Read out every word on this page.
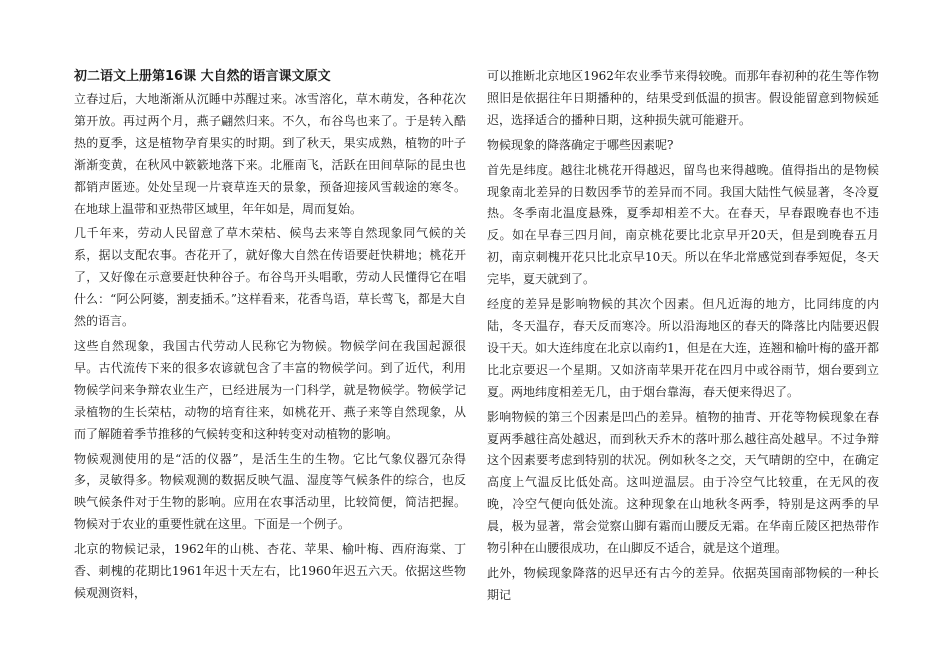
初二语文上册第16课 大自然的语言课文原文

立春过后，大地渐渐从沉睡中苏醒过来。冰雪溶化，草木萌发，各种花次第开放。再过两个月，燕子翩然归来。不久，布谷鸟也来了。于是转入酷热的夏季，这是植物孕育果实的时期。到了秋天，果实成熟，植物的叶子渐渐变黄，在秋风中簌簌地落下来。北雁南飞，活跃在田间草际的昆虫也都销声匿迹。处处呈现一片衰草连天的景象，预备迎接风雪载途的寒冬。在地球上温带和亚热带区域里，年年如是，周而复始。

几千年来，劳动人民留意了草木荣枯、候鸟去来等自然现象同气候的关系，据以支配农事。杏花开了，就好像大自然在传语要赶快耕地；桃花开了，又好像在示意要赶快种谷子。布谷鸟开头唱歌，劳动人民懂得它在唱什么：“阿公阿婆，割麦插禾。”这样看来，花香鸟语，草长莺飞，都是大自然的语言。

这些自然现象，我国古代劳动人民称它为物候。物候学问在我国起源很早。古代流传下来的很多农谚就包含了丰富的物候学问。到了近代，利用物候学问来争辩农业生产，已经进展为一门科学，就是物候学。物候学记录植物的生长荣枯，动物的培育往来，如桃花开、燕子来等自然现象，从而了解随着季节推移的气候转变和这种转变对动植物的影响。

物候观测使用的是“活的仪器”，是活生生的生物。它比气象仪器冗杂得多，灵敏得多。物候观测的数据反映气温、湿度等气候条件的综合，也反映气候条件对于生物的影响。应用在农事活动里，比较简便，简洁把握。物候对于农业的重要性就在这里。下面是一个例子。

北京的物候记录，1962年的山桃、杏花、苹果、榆叶梅、西府海棠、丁香、刺槐的花期比1961年迟十天左右，比1960年迟五六天。依据这些物候观测资料，

可以推断北京地区1962年农业季节来得较晚。而那年春初种的花生等作物照旧是依据往年日期播种的，结果受到低温的损害。假设能留意到物候延迟，选择适合的播种日期，这种损失就可能避开。

物候现象的降落确定于哪些因素呢?

首先是纬度。越往北桃花开得越迟，留鸟也来得越晚。值得指出的是物候现象南北差异的日数因季节的差异而不同。我国大陆性气候显著，冬冷夏热。冬季南北温度悬殊，夏季却相差不大。在春天，早春跟晚春也不违反。如在早春三四月间，南京桃花要比北京早开20天，但是到晚春五月初，南京刺槐开花只比北京早10天。所以在华北常感觉到春季短促，冬天完毕，夏天就到了。

经度的差异是影响物候的其次个因素。但凡近海的地方，比同纬度的内陆，冬天温存，春天反而寒冷。所以沿海地区的春天的降落比内陆要迟假设干天。如大连纬度在北京以南约1，但是在大连，连翘和榆叶梅的盛开都比北京要迟一个星期。又如济南苹果开花在四月中或谷雨节，烟台要到立夏。两地纬度相差无几，由于烟台靠海，春天便来得迟了。

影响物候的第三个因素是凹凸的差异。植物的抽青、开花等物候现象在春夏两季越往高处越迟，而到秋天乔木的落叶那么越往高处越早。不过争辩这个因素要考虑到特别的状况。例如秋冬之交，天气晴朗的空中，在确定高度上气温反比低处高。这叫逆温层。由于冷空气比较重，在无风的夜晚，冷空气便向低处流。这种现象在山地秋冬两季，特别是这两季的早晨，极为显著，常会觉察山脚有霜而山腰反无霜。在华南丘陵区把热带作物引种在山腰很成功，在山脚反不适合，就是这个道理。

此外，物候现象降落的迟早还有古今的差异。依据英国南部物候的一种长期记
